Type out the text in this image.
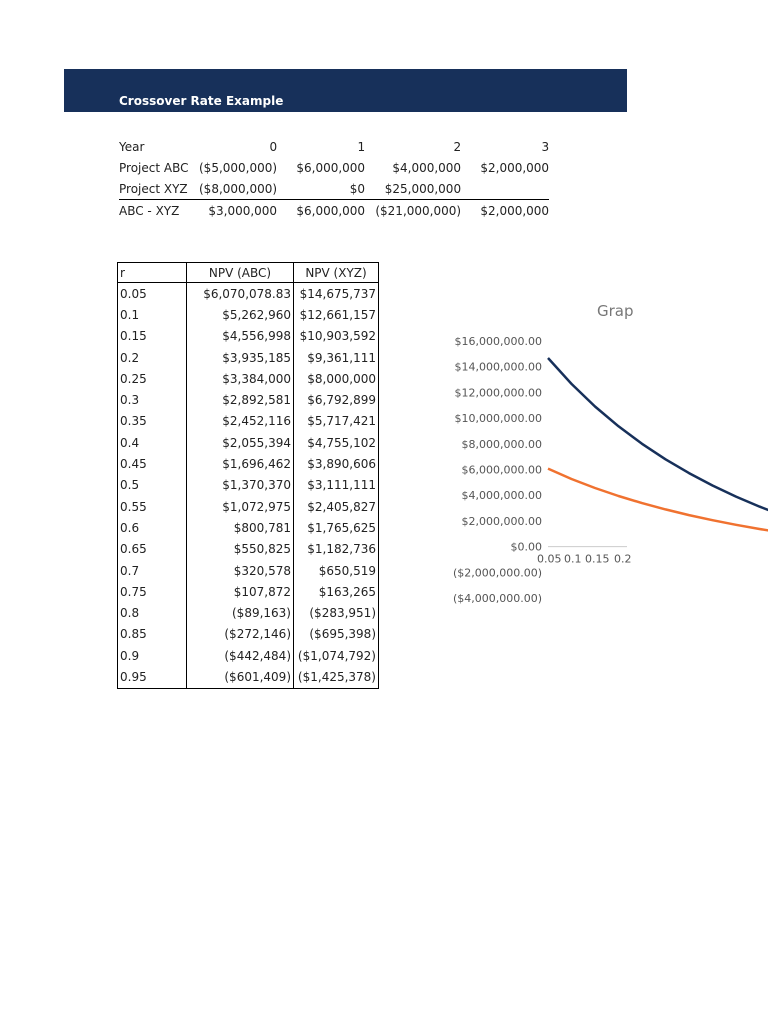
Crossover Rate Example
Year	0	1	2	3
Project ABC	($5,000,000)	$6,000,000	$4,000,000	$2,000,000
Project XYZ	($8,000,000)	$0	$25,000,000	
ABC - XYZ	$3,000,000	$6,000,000	($21,000,000)	$2,000,000
r	NPV (ABC)	NPV (XYZ)
0.05	$6,070,078.83	$14,675,737
0.1	$5,262,960	$12,661,157
0.15	$4,556,998	$10,903,592
0.2	$3,935,185	$9,361,111
0.25	$3,384,000	$8,000,000
0.3	$2,892,581	$6,792,899
0.35	$2,452,116	$5,717,421
0.4	$2,055,394	$4,755,102
0.45	$1,696,462	$3,890,606
0.5	$1,370,370	$3,111,111
0.55	$1,072,975	$2,405,827
0.6	$800,781	$1,765,625
0.65	$550,825	$1,182,736
0.7	$320,578	$650,519
0.75	$107,872	$163,265
0.8	($89,163)	($283,951)
0.85	($272,146)	($695,398)
0.9	($442,484)	($1,074,792)
0.95	($601,409)	($1,425,378)
Grap
$16,000,000.00
$14,000,000.00
$12,000,000.00
$10,000,000.00
$8,000,000.00
$6,000,000.00
$4,000,000.00
$2,000,000.00
$0.00
($2,000,000.00)
($4,000,000.00)
0.05 0.1 0.15 0.2
